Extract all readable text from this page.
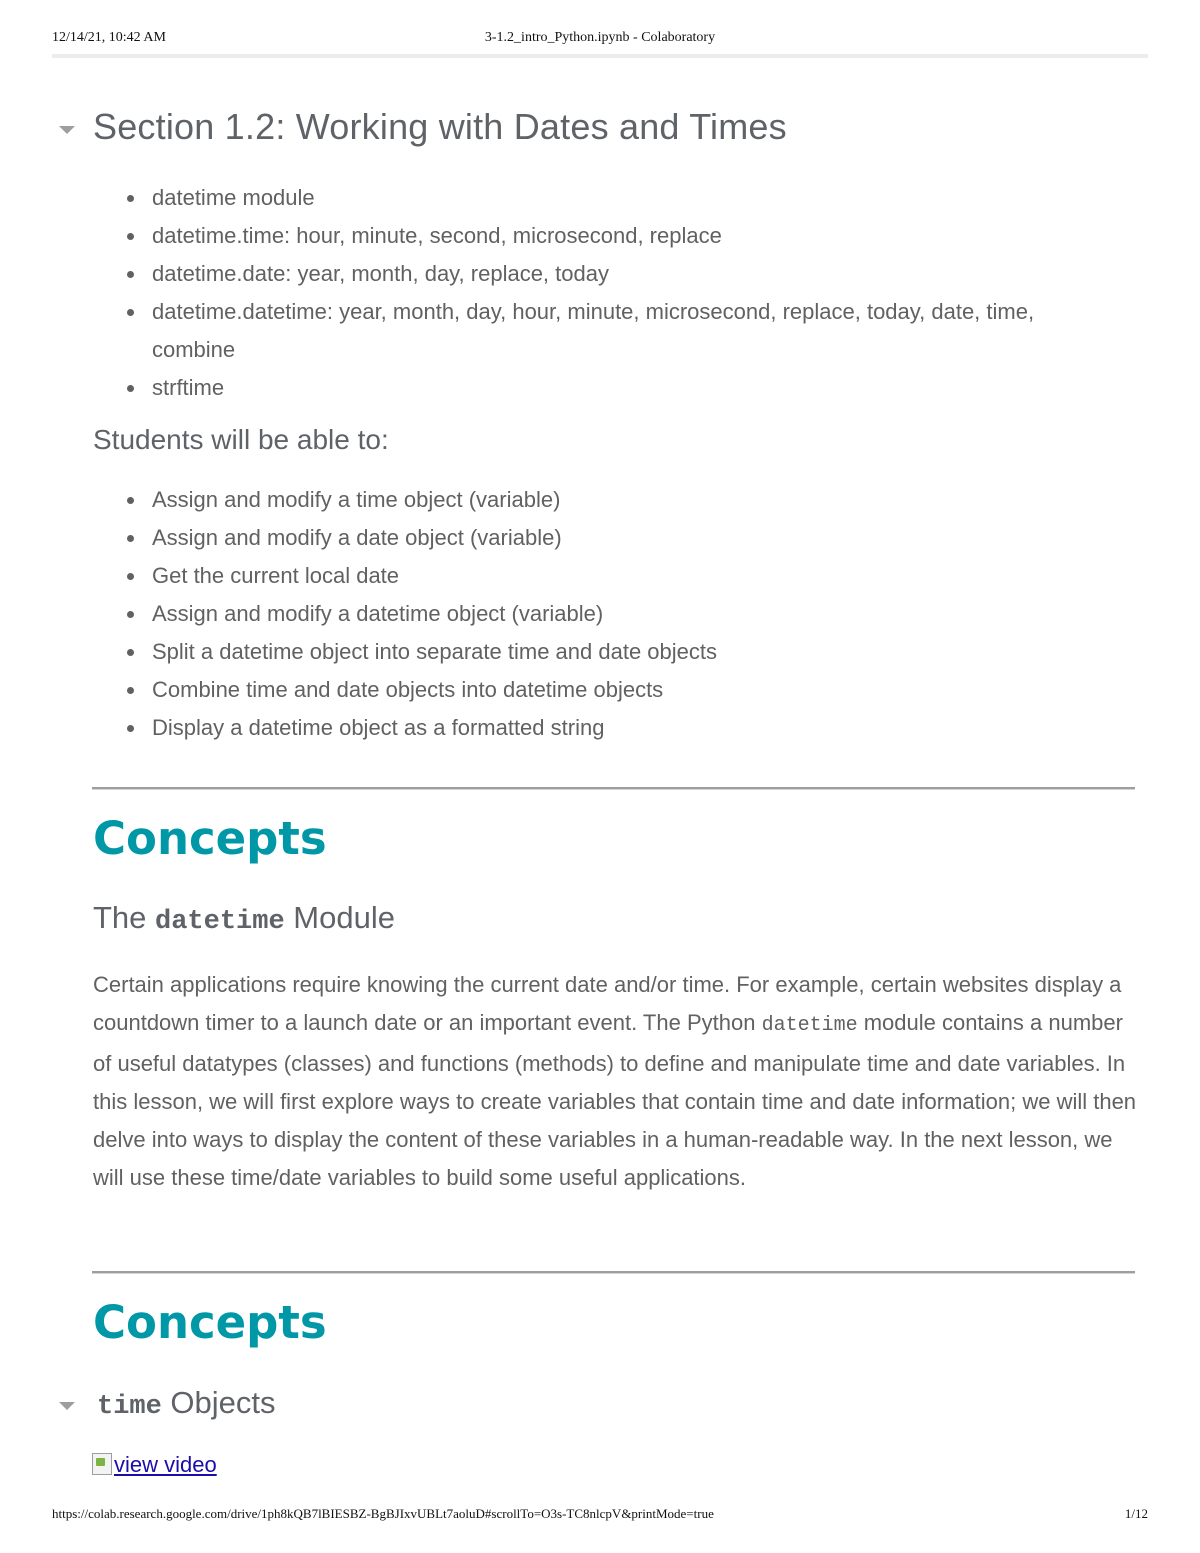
12/14/21, 10:42 AM	3-1.2_intro_Python.ipynb - Colaboratory
Section 1.2: Working with Dates and Times
datetime module
datetime.time: hour, minute, second, microsecond, replace
datetime.date: year, month, day, replace, today
datetime.datetime: year, month, day, hour, minute, microsecond, replace, today, date, time, combine
strftime
Students will be able to:
Assign and modify a time object (variable)
Assign and modify a date object (variable)
Get the current local date
Assign and modify a datetime object (variable)
Split a datetime object into separate time and date objects
Combine time and date objects into datetime objects
Display a datetime object as a formatted string
Concepts
The datetime Module

Certain applications require knowing the current date and/or time. For example, certain websites display a countdown timer to a launch date or an important event. The Python datetime module contains a number of useful datatypes (classes) and functions (methods) to define and manipulate time and date variables. In this lesson, we will first explore ways to create variables that contain time and date information; we will then delve into ways to display the content of these variables in a human-readable way. In the next lesson, we will use these time/date variables to build some useful applications.

Concepts
time Objects
view video
https://colab.research.google.com/drive/1ph8kQB7lBIESBZ-BgBJIxvUBLt7aoluD#scrollTo=O3s-TC8nlcpV&printMode=true	1/12
